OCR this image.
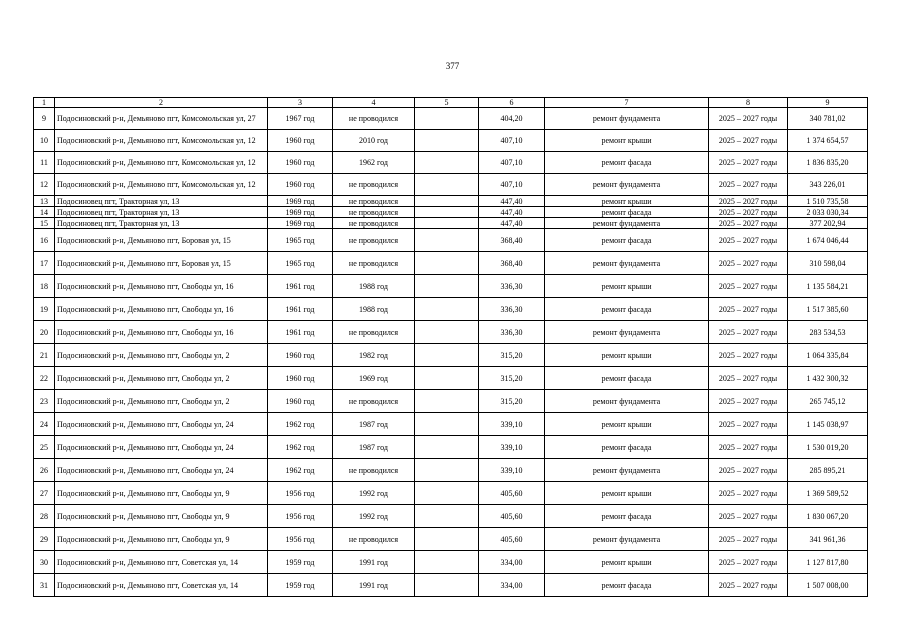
377
1	2	3	4	5	6	7	8	9
9	Подосиновский р-н, Демьяново пгт, Комсомольская ул, 27	1967 год	не проводился		404,20	ремонт фундамента	2025 – 2027 годы	340 781,02
10	Подосиновский р-н, Демьяново пгт, Комсомольская ул, 12	1960 год	2010 год		407,10	ремонт крыши	2025 – 2027 годы	1 374 654,57
11	Подосиновский р-н, Демьяново пгт, Комсомольская ул, 12	1960 год	1962 год		407,10	ремонт фасада	2025 – 2027 годы	1 836 835,20
12	Подосиновский р-н, Демьяново пгт, Комсомольская ул, 12	1960 год	не проводился		407,10	ремонт фундамента	2025 – 2027 годы	343 226,01
13	Подосиновец пгт, Тракторная ул, 13	1969 год	не проводился		447,40	ремонт крыши	2025 – 2027 годы	1 510 735,58
14	Подосиновец пгт, Тракторная ул, 13	1969 год	не проводился		447,40	ремонт фасада	2025 – 2027 годы	2 033 030,34
15	Подосиновец пгт, Тракторная ул, 13	1969 год	не проводился		447,40	ремонт фундамента	2025 – 2027 годы	377 202,94
16	Подосиновский р-н, Демьяново пгт, Боровая ул, 15	1965 год	не проводился		368,40	ремонт фасада	2025 – 2027 годы	1 674 046,44
17	Подосиновский р-н, Демьяново пгт, Боровая ул, 15	1965 год	не проводился		368,40	ремонт фундамента	2025 – 2027 годы	310 598,04
18	Подосиновский р-н, Демьяново пгт, Свободы ул, 16	1961 год	1988 год		336,30	ремонт крыши	2025 – 2027 годы	1 135 584,21
19	Подосиновский р-н, Демьяново пгт, Свободы ул, 16	1961 год	1988 год		336,30	ремонт фасада	2025 – 2027 годы	1 517 385,60
20	Подосиновский р-н, Демьяново пгт, Свободы ул, 16	1961 год	не проводился		336,30	ремонт фундамента	2025 – 2027 годы	283 534,53
21	Подосиновский р-н, Демьяново пгт, Свободы ул, 2	1960 год	1982 год		315,20	ремонт крыши	2025 – 2027 годы	1 064 335,84
22	Подосиновский р-н, Демьяново пгт, Свободы ул, 2	1960 год	1969 год		315,20	ремонт фасада	2025 – 2027 годы	1 432 300,32
23	Подосиновский р-н, Демьяново пгт, Свободы ул, 2	1960 год	не проводился		315,20	ремонт фундамента	2025 – 2027 годы	265 745,12
24	Подосиновский р-н, Демьяново пгт, Свободы ул, 24	1962 год	1987 год		339,10	ремонт крыши	2025 – 2027 годы	1 145 038,97
25	Подосиновский р-н, Демьяново пгт, Свободы ул, 24	1962 год	1987 год		339,10	ремонт фасада	2025 – 2027 годы	1 530 019,20
26	Подосиновский р-н, Демьяново пгт, Свободы ул, 24	1962 год	не проводился		339,10	ремонт фундамента	2025 – 2027 годы	285 895,21
27	Подосиновский р-н, Демьяново пгт, Свободы ул, 9	1956 год	1992 год		405,60	ремонт крыши	2025 – 2027 годы	1 369 589,52
28	Подосиновский р-н, Демьяново пгт, Свободы ул, 9	1956 год	1992 год		405,60	ремонт фасада	2025 – 2027 годы	1 830 067,20
29	Подосиновский р-н, Демьяново пгт, Свободы ул, 9	1956 год	не проводился		405,60	ремонт фундамента	2025 – 2027 годы	341 961,36
30	Подосиновский р-н, Демьяново пгт, Советская ул, 14	1959 год	1991 год		334,00	ремонт крыши	2025 – 2027 годы	1 127 817,80
31	Подосиновский р-н, Демьяново пгт, Советская ул, 14	1959 год	1991 год		334,00	ремонт фасада	2025 – 2027 годы	1 507 008,00
